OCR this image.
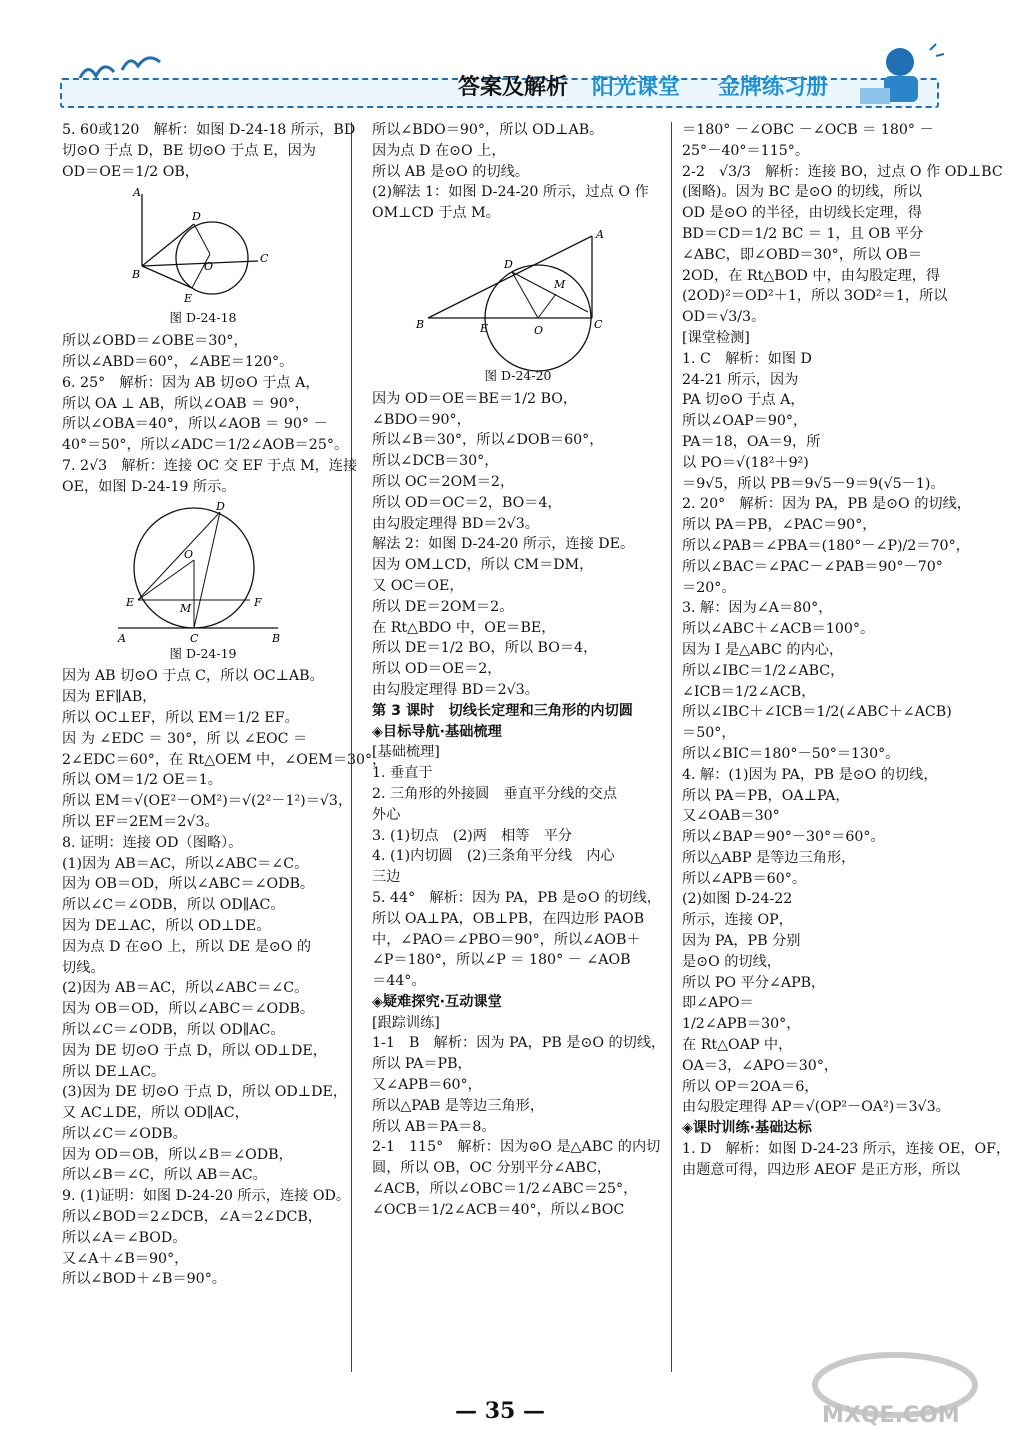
答案及解析 阳光课堂 金牌练习册

5. 60或120　解析：如图 D-24-18 所示，BD

切⊙O 于点 D，BE 切⊙O 于点 E，因为

OD＝OE＝1/2 OB，

A
D
C
B
O
E
图 D-24-18

所以∠OBD＝∠OBE＝30°，

所以∠ABD＝60°，∠ABE＝120°。

6. 25°　解析：因为 AB 切⊙O 于点 A，

所以 OA ⊥ AB，所以∠OAB ＝ 90°，

所以∠OBA＝40°，所以∠AOB ＝ 90° －

40°＝50°，所以∠ADC＝1/2∠AOB＝25°。

7. 2√3　解析：连接 OC 交 EF 于点 M，连接

OE，如图 D-24-19 所示。

D
O
E	M	F
A	C	B
图 D-24-19

因为 AB 切⊙O 于点 C，所以 OC⊥AB。

因为 EF∥AB，

所以 OC⊥EF，所以 EM＝1/2 EF。

因 为 ∠EDC ＝ 30°，所 以 ∠EOC ＝

2∠EDC＝60°，在 Rt△OEM 中，∠OEM＝30°，

所以 OM＝1/2 OE＝1。

所以 EM＝√(OE²－OM²)＝√(2²－1²)＝√3，

所以 EF＝2EM＝2√3。

8. 证明：连接 OD（图略）。

(1)因为 AB＝AC，所以∠ABC＝∠C。

因为 OB＝OD，所以∠ABC＝∠ODB。

所以∠C＝∠ODB，所以 OD∥AC。

因为 DE⊥AC，所以 OD⊥DE。

因为点 D 在⊙O 上，所以 DE 是⊙O 的

切线。

(2)因为 AB＝AC，所以∠ABC＝∠C。

因为 OB＝OD，所以∠ABC＝∠ODB。

所以∠C＝∠ODB，所以 OD∥AC。

因为 DE 切⊙O 于点 D，所以 OD⊥DE，

所以 DE⊥AC。

(3)因为 DE 切⊙O 于点 D，所以 OD⊥DE，

又 AC⊥DE，所以 OD∥AC，

所以∠C＝∠ODB。

因为 OD＝OB，所以∠B＝∠ODB，

所以∠B＝∠C，所以 AB＝AC。

9. (1)证明：如图 D-24-20 所示，连接 OD。

所以∠BOD＝2∠DCB，∠A＝2∠DCB，

所以∠A＝∠BOD。

又∠A＋∠B＝90°，

所以∠BOD＋∠B＝90°。

所以∠BDO＝90°，所以 OD⊥AB。

因为点 D 在⊙O 上，

所以 AB 是⊙O 的切线。

(2)解法 1：如图 D-24-20 所示，过点 O 作

OM⊥CD 于点 M。

A
D
M
B	E	O	C
图 D-24-20

因为 OD＝OE＝BE＝1/2 BO，

∠BDO＝90°，

所以∠B＝30°，所以∠DOB＝60°，

所以∠DCB＝30°，

所以 OC＝2OM＝2，

所以 OD＝OC＝2，BO＝4，

由勾股定理得 BD＝2√3。

解法 2：如图 D-24-20 所示，连接 DE。

因为 OM⊥CD，所以 CM＝DM，

又 OC＝OE，

所以 DE＝2OM＝2。

在 Rt△BDO 中，OE＝BE，

所以 DE＝1/2 BO，所以 BO＝4，

所以 OD＝OE＝2，

由勾股定理得 BD＝2√3。

第 3 课时　切线长定理和三角形的内切圆

◈目标导航·基础梳理

[基础梳理]

1. 垂直于

2. 三角形的外接圆　垂直平分线的交点

外心

3. (1)切点　(2)两　相等　平分

4. (1)内切圆　(2)三条角平分线　内心

三边

5. 44°　解析：因为 PA，PB 是⊙O 的切线，

所以 OA⊥PA，OB⊥PB，在四边形 PAOB

中，∠PAO＝∠PBO＝90°，所以∠AOB＋

∠P＝180°，所以∠P ＝ 180° － ∠AOB

＝44°。

◈疑难探究·互动课堂

[跟踪训练]

1-1　B　解析：因为 PA，PB 是⊙O 的切线，

所以 PA＝PB，

又∠APB＝60°，

所以△PAB 是等边三角形，

所以 AB＝PA＝8。

2-1　115°　解析：因为⊙O 是△ABC 的内切

圆，所以 OB，OC 分别平分∠ABC，

∠ACB，所以∠OBC＝1/2∠ABC＝25°，

∠OCB＝1/2∠ACB＝40°，所以∠BOC

＝180° －∠OBC －∠OCB ＝ 180° －

25°－40°＝115°。

2-2　√3/3　解析：连接 BO，过点 O 作 OD⊥BC

(图略)。因为 BC 是⊙O 的切线，所以

OD 是⊙O 的半径，由切线长定理，得

BD＝CD＝1/2 BC ＝ 1，且 OB 平分

∠ABC，即∠OBD＝30°，所以 OB＝

2OD，在 Rt△BOD 中，由勾股定理，得

(2OD)²＝OD²＋1，所以 3OD²＝1，所以

OD＝√3/3。

[课堂检测]

1. C　解析：如图 D

24-21 所示，因为

PA 切⊙O 于点 A，

所以∠OAP＝90°，

PA＝18，OA＝9，所

以 PO＝√(18²＋9²)

＝9√5，所以 PB＝9√5－9＝9(√5－1)。

2. 20°　解析：因为 PA，PB 是⊙O 的切线，

所以 PA＝PB，∠PAC＝90°，

所以∠PAB＝∠PBA＝(180°－∠P)/2＝70°，

所以∠BAC＝∠PAC－∠PAB＝90°－70°

＝20°。

3. 解：因为∠A＝80°，

所以∠ABC＋∠ACB＝100°。

因为 I 是△ABC 的内心，

所以∠IBC＝1/2∠ABC，

∠ICB＝1/2∠ACB，

所以∠IBC＋∠ICB＝1/2(∠ABC＋∠ACB)

＝50°，

所以∠BIC＝180°－50°＝130°。

4. 解：(1)因为 PA，PB 是⊙O 的切线，

所以 PA＝PB，OA⊥PA，

又∠OAB＝30°

所以∠BAP＝90°－30°＝60°。

所以△ABP 是等边三角形，

所以∠APB＝60°。

(2)如图 D-24-22

所示，连接 OP，

因为 PA，PB 分别

是⊙O 的切线，

所以 PO 平分∠APB，

即∠APO＝

1/2∠APB＝30°，

在 Rt△OAP 中，

OA＝3，∠APO＝30°，

所以 OP＝2OA＝6，

由勾股定理得 AP＝√(OP²－OA²)＝3√3。

◈课时训练·基础达标

1. D　解析：如图 D-24-23 所示，连接 OE，OF，

由题意可得，四边形 AEOF 是正方形，所以

— 35 —	MXQE.COM
